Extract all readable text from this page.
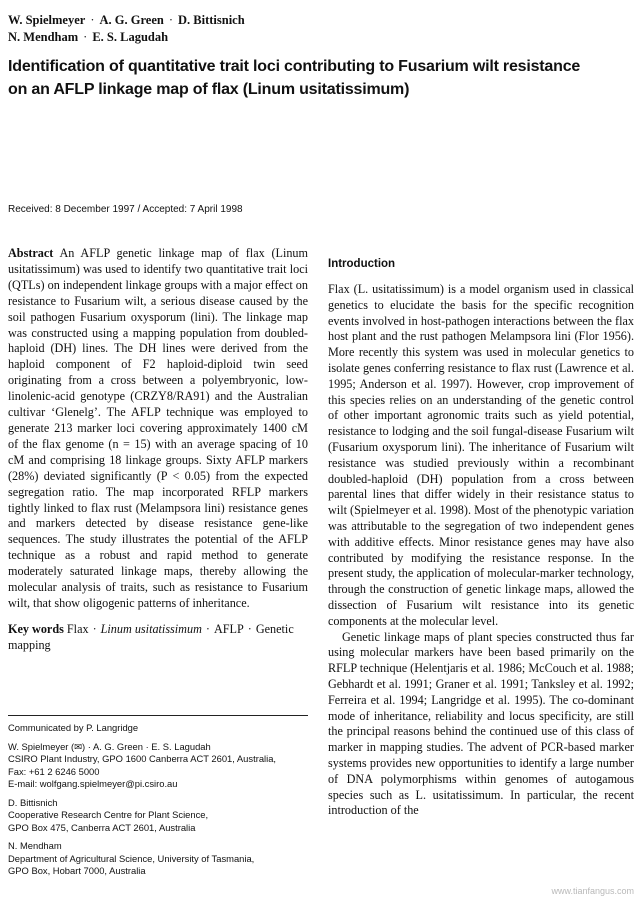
W. Spielmeyer · A. G. Green · D. Bittisnich
N. Mendham · E. S. Lagudah
Identification of quantitative trait loci contributing to Fusarium wilt resistance
on an AFLP linkage map of flax (Linum usitatissimum)
Received: 8 December 1997 / Accepted: 7 April 1998

Abstract An AFLP genetic linkage map of flax (Linum usitatissimum) was used to identify two quantitative trait loci (QTLs) on independent linkage groups with a major effect on resistance to Fusarium wilt, a serious disease caused by the soil pathogen Fusarium oxysporum (lini). The linkage map was constructed using a mapping population from doubled-haploid (DH) lines. The DH lines were derived from the haploid component of F2 haploid-diploid twin seed originating from a cross between a polyembryonic, low-linolenic-acid genotype (CRZY8/RA91) and the Australian cultivar ‘Glenelg’. The AFLP technique was employed to generate 213 marker loci covering approximately 1400 cM of the flax genome (n = 15) with an average spacing of 10 cM and comprising 18 linkage groups. Sixty AFLP markers (28%) deviated significantly (P < 0.05) from the expected segregation ratio. The map incorporated RFLP markers tightly linked to flax rust (Melampsora lini) resistance genes and markers detected by disease resistance gene-like sequences. The study illustrates the potential of the AFLP technique as a robust and rapid method to generate moderately saturated linkage maps, thereby allowing the molecular analysis of traits, such as resistance to Fusarium wilt, that show oligogenic patterns of inheritance.

Key words Flax · Linum usitatissimum · AFLP · Genetic mapping
Communicated by P. Langridge
W. Spielmeyer (✉) · A. G. Green · E. S. Lagudah
CSIRO Plant Industry, GPO 1600 Canberra ACT 2601, Australia,
Fax: +61 2 6246 5000
E-mail: wolfgang.spielmeyer@pi.csiro.au
D. Bittisnich
Cooperative Research Centre for Plant Science,
GPO Box 475, Canberra ACT 2601, Australia
N. Mendham
Department of Agricultural Science, University of Tasmania,
GPO Box, Hobart 7000, Australia
Introduction

Flax (L. usitatissimum) is a model organism used in classical genetics to elucidate the basis for the specific recognition events involved in host-pathogen interactions between the flax host plant and the rust pathogen Melampsora lini (Flor 1956). More recently this system was used in molecular genetics to isolate genes conferring resistance to flax rust (Lawrence et al. 1995; Anderson et al. 1997). However, crop improvement of this species relies on an understanding of the genetic control of other important agronomic traits such as yield potential, resistance to lodging and the soil fungal-disease Fusarium wilt (Fusarium oxysporum lini). The inheritance of Fusarium wilt resistance was studied previously within a recombinant doubled-haploid (DH) population from a cross between parental lines that differ widely in their resistance status to wilt (Spielmeyer et al. 1998). Most of the phenotypic variation was attributable to the segregation of two independent genes with additive effects. Minor resistance genes may have also contributed by modifying the resistance response. In the present study, the application of molecular-marker technology, through the construction of genetic linkage maps, allowed the dissection of Fusarium wilt resistance into its genetic components at the molecular level.

Genetic linkage maps of plant species constructed thus far using molecular markers have been based primarily on the RFLP technique (Helentjaris et al. 1986; McCouch et al. 1988; Gebhardt et al. 1991; Graner et al. 1991; Tanksley et al. 1992; Ferreira et al. 1994; Langridge et al. 1995). The co-dominant mode of inheritance, reliability and locus specificity, are still the principal reasons behind the continued use of this class of marker in mapping studies. The advent of PCR-based marker systems provides new opportunities to identify a large number of DNA polymorphisms within genomes of autogamous species such as L. usitatissimum. In particular, the recent introduction of the

www.tianfangus.com
